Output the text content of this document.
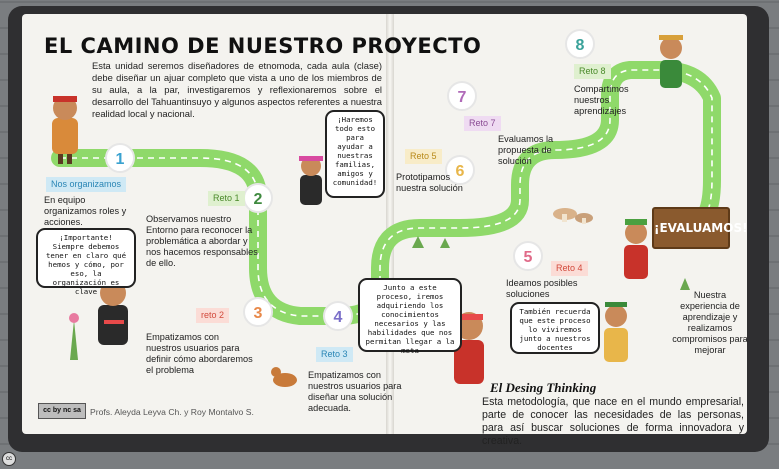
1
2
3	4
5
6
7
8
EL CAMINO DE NUESTRO PROYECTO
Esta unidad seremos diseñadores de etnomoda, cada aula (clase) debe diseñar un ajuar completo que vista a uno de los miembros de su aula, a la par, investigaremos y reflexionaremos sobre el desarrollo del Tahuantinsuyo y algunos aspectos referentes a nuestra realidad local y nacional.
Nos organizamos
Reto 1
reto 2
Reto 3
Reto 4
Reto 5
Reto 7
Reto 8
En equipo organizamos roles y acciones.	Observamos nuestro Entorno para reconocer la problemática a abordar y nos hacemos responsables de ello.
Empatizamos con nuestros usuarios para definir cómo abordaremos el problema	Empatizamos con nuestros usuarios para diseñar una solución adecuada.
Ideamos posibles soluciones
Prototipamos nuestra solución
Evaluamos la propuesta de solución
Compartimos nuestros aprendizajes
¡Haremos todo esto para ayudar a nuestras familias, amigos y comunidad!
¡Importante! Siempre debemos tener en claro qué hemos y cómo, por eso, la organización es clave	Junto a este proceso, iremos adquiriendo los conocimientos necesarios y las habilidades que nos permitan llegar a la meta
También recuerda que este proceso lo viviremos junto a nuestros docentes
¡EVALUAMOS!
Nuestra experiencia de aprendizaje y realizamos compromisos para mejorar
El Desing Thinking
Esta metodología, que nace en el mundo empresarial, parte de conocer las necesidades de las personas, para así buscar soluciones de forma innovadora y creativa.
cc by nc sa	Profs. Aleyda Leyva Ch. y Roy Montalvo S.
cc
